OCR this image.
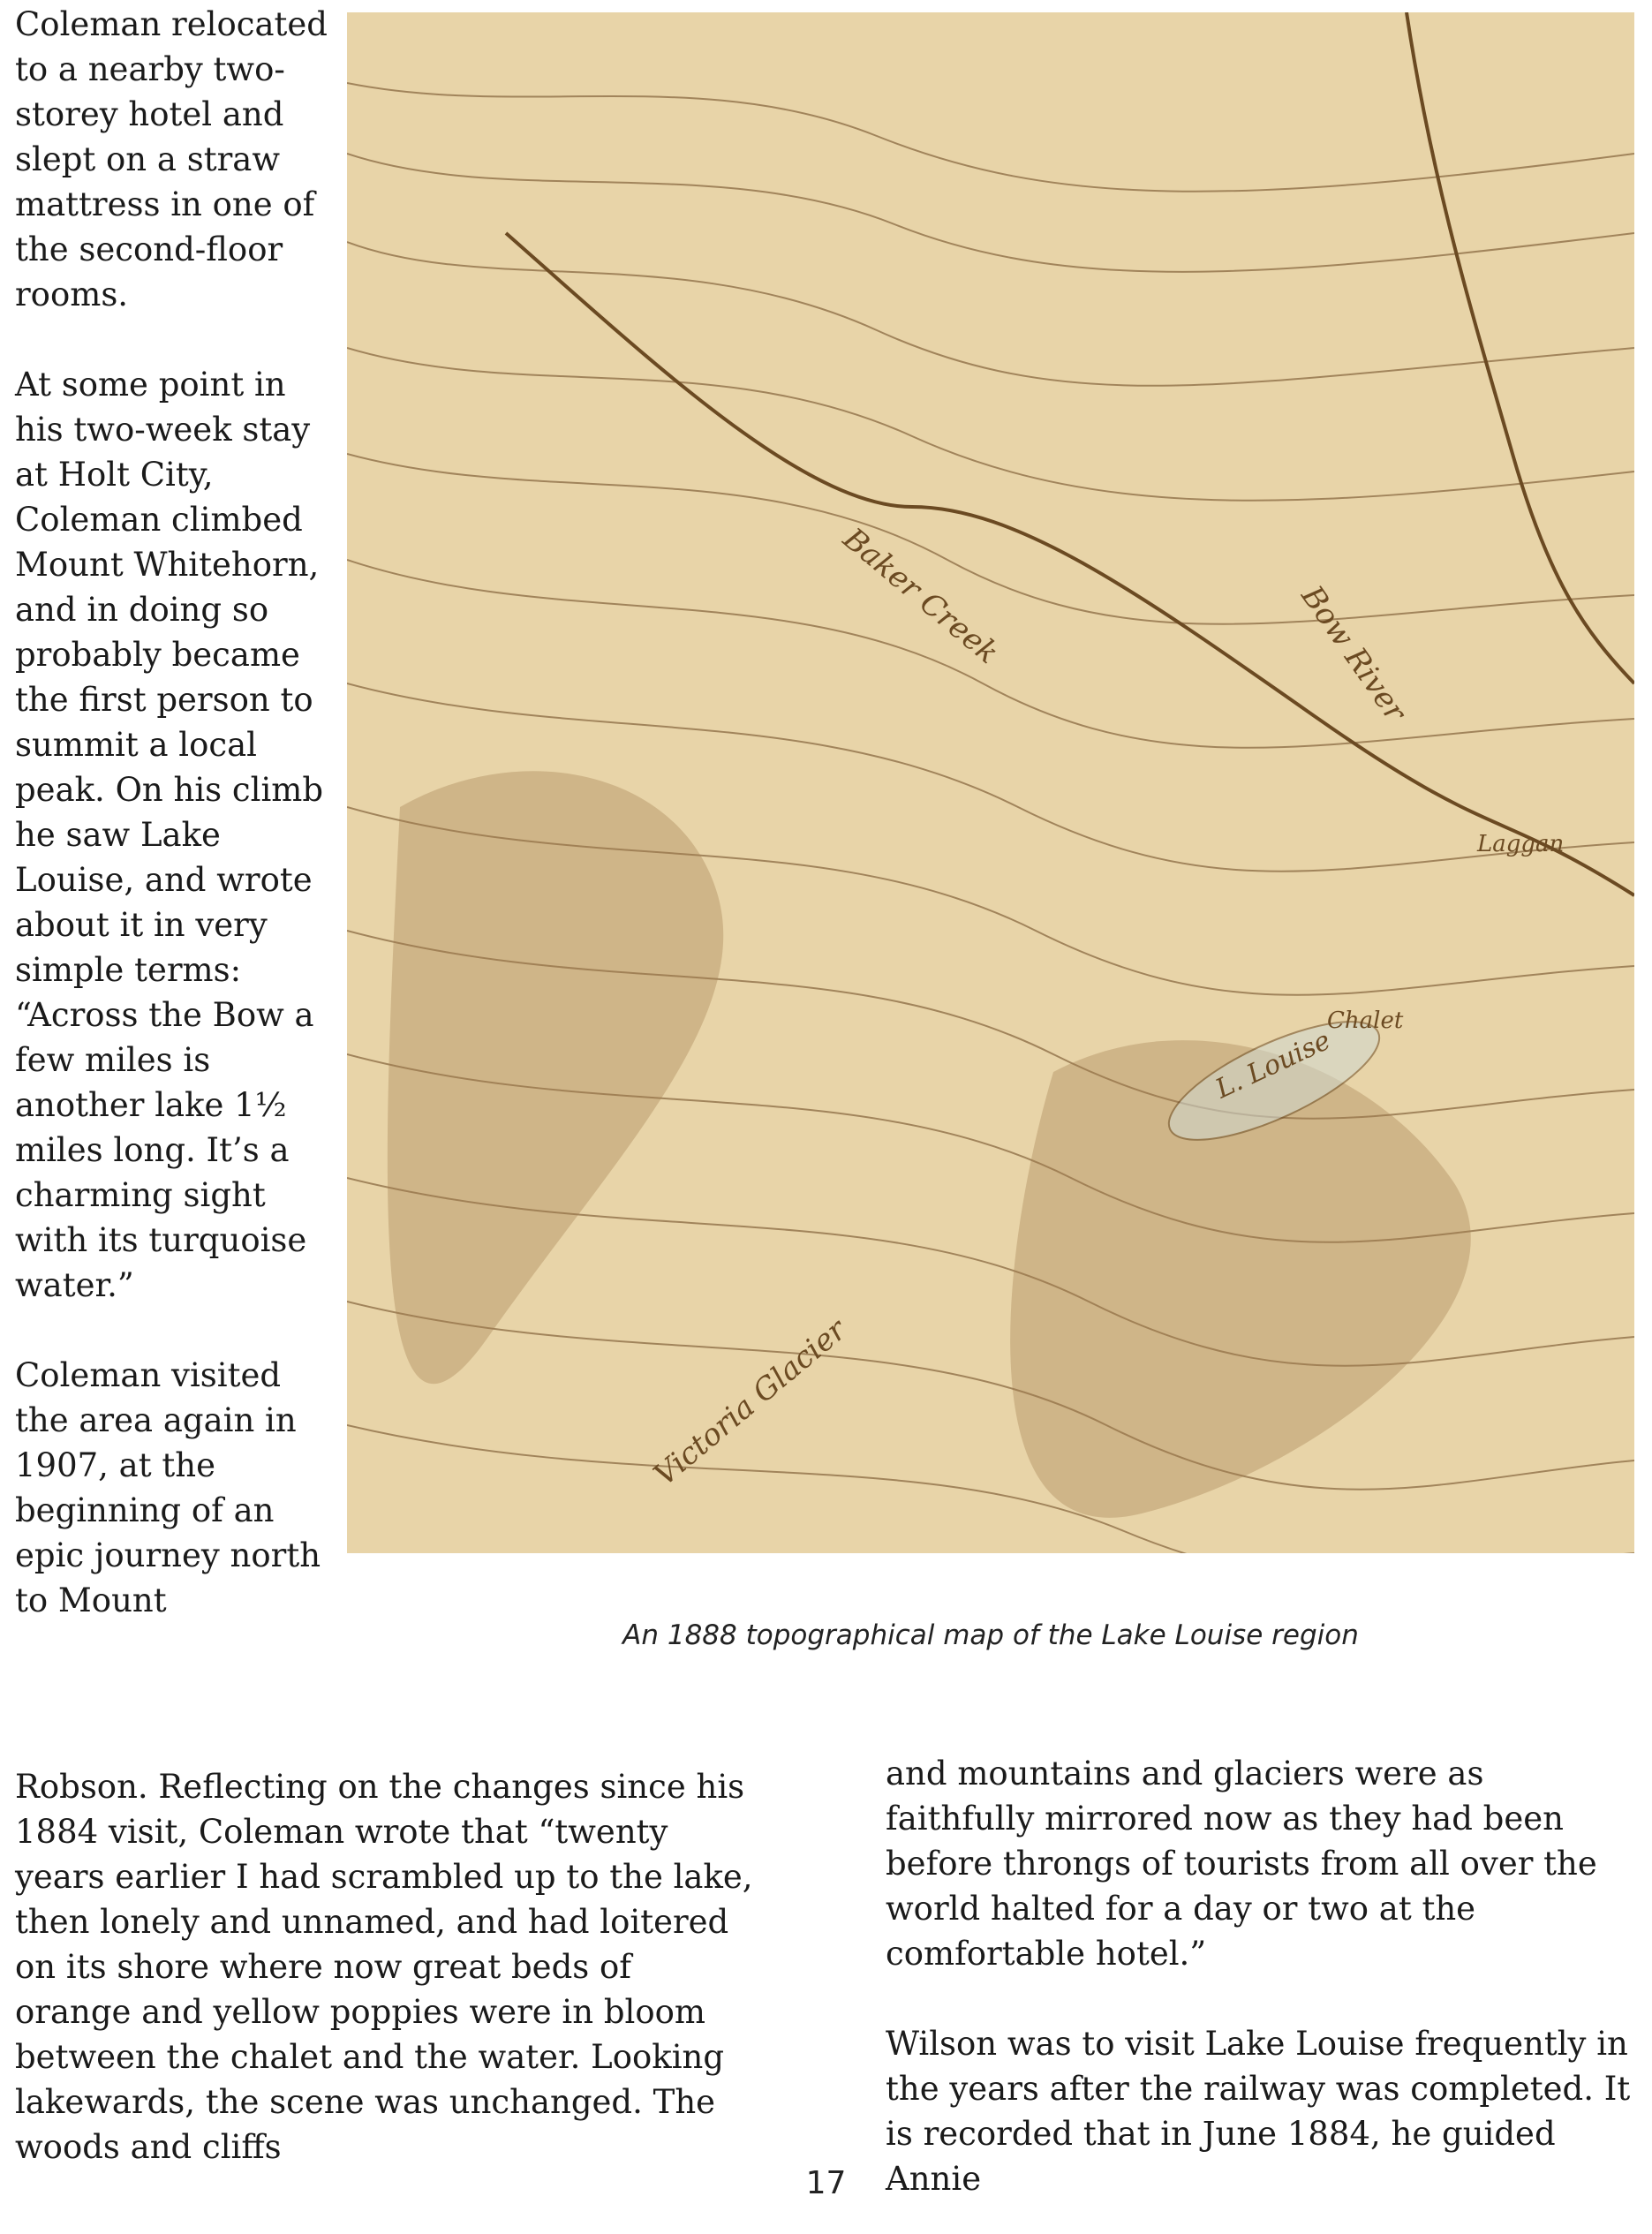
Coleman relocated to a nearby two-storey hotel and slept on a straw mattress in one of the second-floor rooms.

At some point in his two-week stay at Holt City, Coleman climbed Mount Whitehorn, and in doing so probably became the first person to summit a local peak. On his climb he saw Lake Louise, and wrote about it in very simple terms: “Across the Bow a few miles is another lake 1½ miles long. It’s a charming sight with its turquoise water.”

Coleman visited the area again in 1907, at the beginning of an epic journey north to Mount

Baker Creek	Bow River
L. Louise
Chalet
Victoria Glacier
Laggan
An 1888 topographical map of the Lake Louise region

Robson. Reflecting on the changes since his 1884 visit, Coleman wrote that “twenty years earlier I had scrambled up to the lake, then lonely and unnamed, and had loitered on its shore where now great beds of orange and yellow poppies were in bloom between the chalet and the water. Looking lakewards, the scene was unchanged. The woods and cliffs

and mountains and glaciers were as faithfully mirrored now as they had been before throngs of tourists from all over the world halted for a day or two at the comfortable hotel.”

Wilson was to visit Lake Louise frequently in the years after the railway was completed. It is recorded that in June 1884, he guided Annie

17
